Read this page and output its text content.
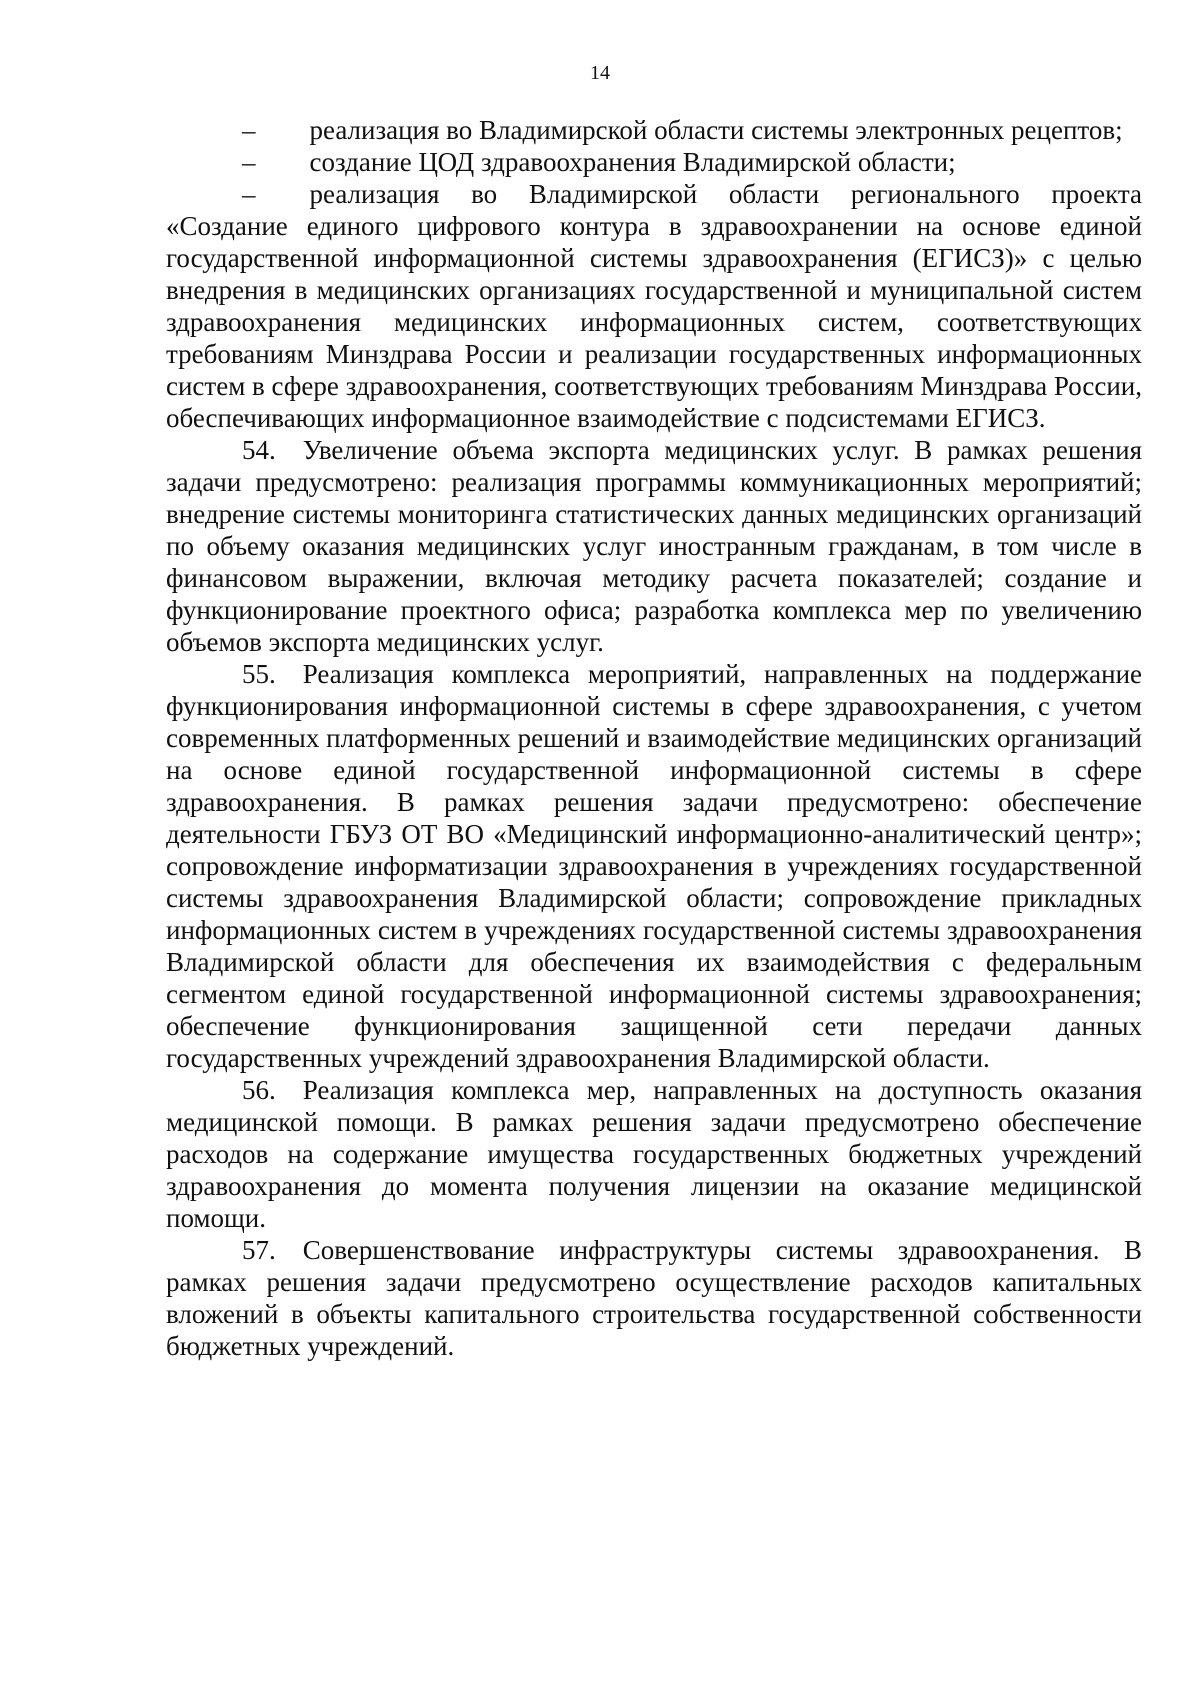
14

–  реализация во Владимирской области системы электронных рецептов;

–  создание ЦОД здравоохранения Владимирской области;

–  реализация во Владимирской области регионального проекта «Создание единого цифрового контура в здравоохранении на основе единой государственной информационной системы здравоохранения (ЕГИСЗ)» с целью внедрения в медицинских организациях государственной и муниципальной систем здравоохранения медицинских информационных систем, соответствующих требованиям Минздрава России и реализации государственных информационных систем в сфере здравоохранения, соответствующих требованиям Минздрава России, обеспечивающих информационное взаимодействие с подсистемами ЕГИСЗ.

54. Увеличение объема экспорта медицинских услуг. В рамках решения задачи предусмотрено: реализация программы коммуникационных мероприятий; внедрение системы мониторинга статистических данных медицинских организаций по объему оказания медицинских услуг иностранным гражданам, в том числе в финансовом выражении, включая методику расчета показателей; создание и функционирование проектного офиса; разработка комплекса мер по увеличению объемов экспорта медицинских услуг.

55. Реализация комплекса мероприятий, направленных на поддержание функционирования информационной системы в сфере здравоохранения, с учетом современных платформенных решений и взаимодействие медицинских организаций на основе единой государственной информационной системы в сфере здравоохранения. В рамках решения задачи предусмотрено: обеспечение деятельности ГБУЗ ОТ ВО «Медицинский информационно-аналитический центр»; сопровождение информатизации здравоохранения в учреждениях государственной системы здравоохранения Владимирской области; сопровождение прикладных информационных систем в учреждениях государственной системы здравоохранения Владимирской области для обеспечения их взаимодействия с федеральным сегментом единой государственной информационной системы здравоохранения; обеспечение функционирования защищенной сети передачи данных государственных учреждений здравоохранения Владимирской области.

56. Реализация комплекса мер, направленных на доступность оказания медицинской помощи. В рамках решения задачи предусмотрено обеспечение расходов на содержание имущества государственных бюджетных учреждений здравоохранения до момента получения лицензии на оказание медицинской помощи.

57. Совершенствование инфраструктуры системы здравоохранения. В рамках решения задачи предусмотрено осуществление расходов капитальных вложений в объекты капитального строительства государственной собственности бюджетных учреждений.
